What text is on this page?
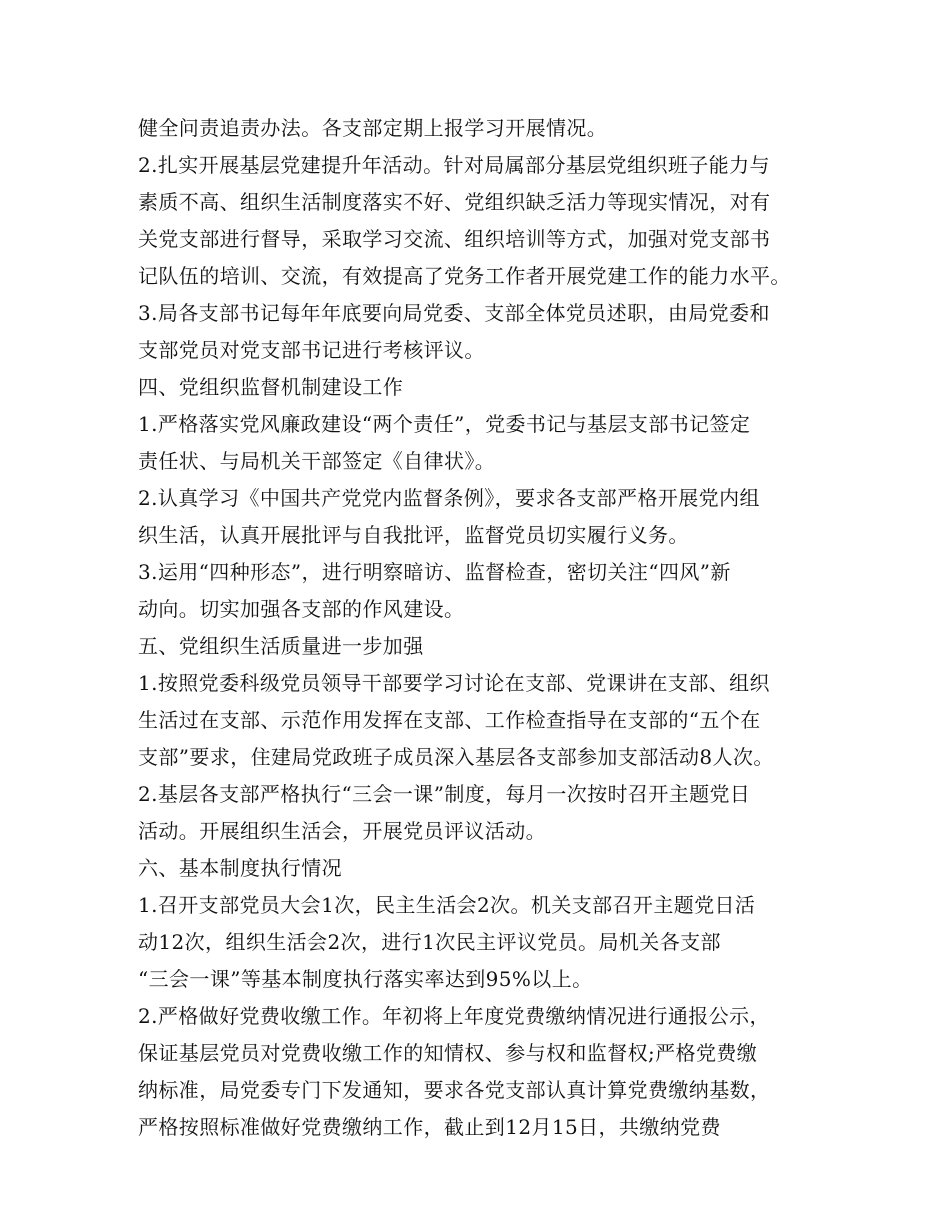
健全问责追责办法。各支部定期上报学习开展情况。

2.扎实开展基层党建提升年活动。针对局属部分基层党组织班子能力与

素质不高、组织生活制度落实不好、党组织缺乏活力等现实情况，对有

关党支部进行督导，采取学习交流、组织培训等方式，加强对党支部书

记队伍的培训、交流，有效提高了党务工作者开展党建工作的能力水平。

3.局各支部书记每年年底要向局党委、支部全体党员述职，由局党委和

支部党员对党支部书记进行考核评议。

四、党组织监督机制建设工作

1.严格落实党风廉政建设“两个责任”，党委书记与基层支部书记签定

责任状、与局机关干部签定《自律状》。

2.认真学习《中国共产党党内监督条例》，要求各支部严格开展党内组

织生活，认真开展批评与自我批评，监督党员切实履行义务。

3.运用“四种形态”，进行明察暗访、监督检查，密切关注“四风”新

动向。切实加强各支部的作风建设。

五、党组织生活质量进一步加强

1.按照党委科级党员领导干部要学习讨论在支部、党课讲在支部、组织

生活过在支部、示范作用发挥在支部、工作检查指导在支部的“五个在

支部”要求，住建局党政班子成员深入基层各支部参加支部活动8人次。

2.基层各支部严格执行“三会一课”制度，每月一次按时召开主题党日

活动。开展组织生活会，开展党员评议活动。

六、基本制度执行情况

1.召开支部党员大会1次，民主生活会2次。机关支部召开主题党日活

动12次，组织生活会2次，进行1次民主评议党员。局机关各支部

“三会一课”等基本制度执行落实率达到95%以上。

2.严格做好党费收缴工作。年初将上年度党费缴纳情况进行通报公示，

保证基层党员对党费收缴工作的知情权、参与权和监督权;严格党费缴

纳标准，局党委专门下发通知，要求各党支部认真计算党费缴纳基数，

严格按照标准做好党费缴纳工作，截止到12月15日，共缴纳党费
